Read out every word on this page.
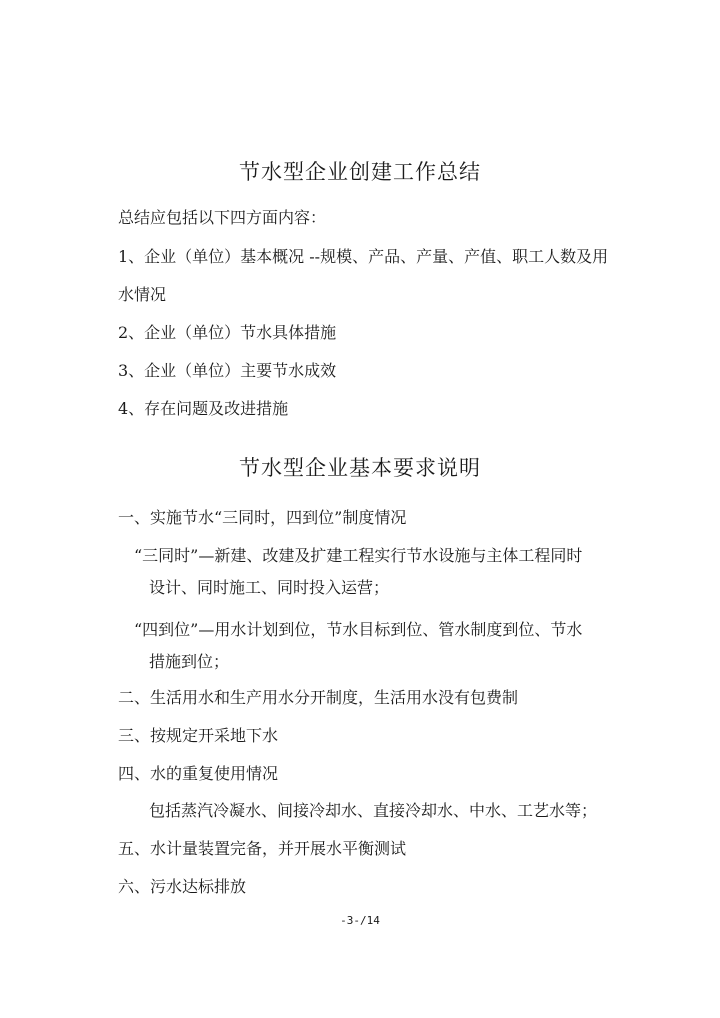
节水型企业创建工作总结

总结应包括以下四方面内容：

1、企业（单位）基本概况 --规模、产品、产量、产值、职工人数及用

水情况

2、企业（单位）节水具体措施

3、企业（单位）主要节水成效

4、存在问题及改进措施

节水型企业基本要求说明

一、实施节水“三同时，四到位”制度情况

“三同时”—新建、改建及扩建工程实行节水设施与主体工程同时

设计、同时施工、同时投入运营；

“四到位”—用水计划到位，节水目标到位、管水制度到位、节水

措施到位；

二、生活用水和生产用水分开制度，生活用水没有包费制

三、按规定开采地下水

四、水的重复使用情况

包括蒸汽冷凝水、间接冷却水、直接冷却水、中水、工艺水等；

五、水计量装置完备，并开展水平衡测试

六、污水达标排放

-3-/14
